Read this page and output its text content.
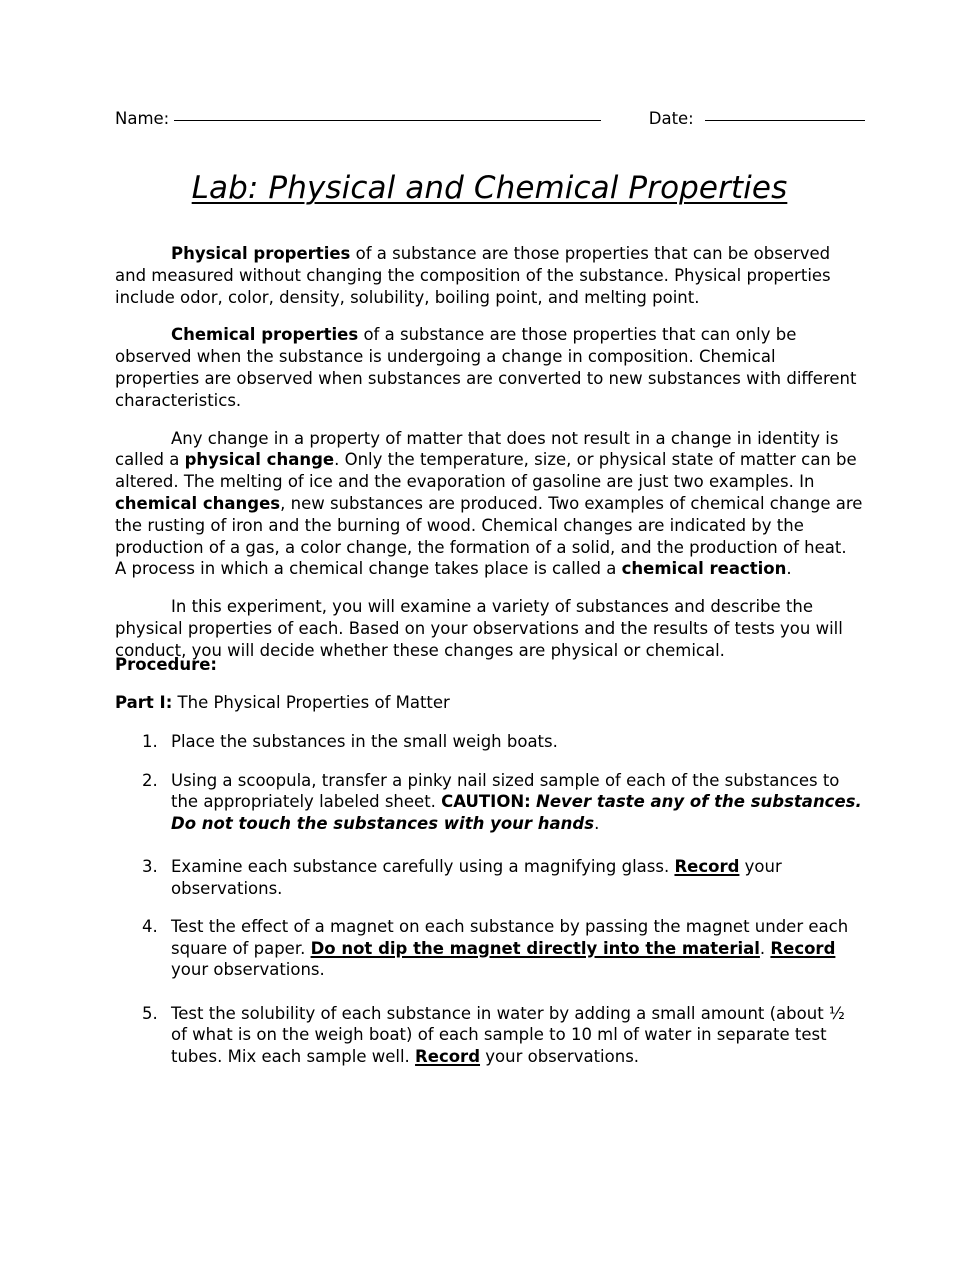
Name:	Date:
Lab: Physical and Chemical Properties

Physical properties of a substance are those properties that can be observed and measured without changing the composition of the substance. Physical properties include odor, color, density, solubility, boiling point, and melting point.

Chemical properties of a substance are those properties that can only be observed when the substance is undergoing a change in composition. Chemical properties are observed when substances are converted to new substances with different characteristics.

Any change in a property of matter that does not result in a change in identity is called a physical change. Only the temperature, size, or physical state of matter can be altered. The melting of ice and the evaporation of gasoline are just two examples. In chemical changes, new substances are produced. Two examples of chemical change are the rusting of iron and the burning of wood. Chemical changes are indicated by the production of a gas, a color change, the formation of a solid, and the production of heat. A process in which a chemical change takes place is called a chemical reaction.

In this experiment, you will examine a variety of substances and describe the physical properties of each. Based on your observations and the results of tests you will conduct, you will decide whether these changes are physical or chemical.

Procedure:
Part I: The Physical Properties of Matter
1. Place the substances in the small weigh boats.
2. Using a scoopula, transfer a pinky nail sized sample of each of the substances to the appropriately labeled sheet. CAUTION: Never taste any of the substances. Do not touch the substances with your hands.
3. Examine each substance carefully using a magnifying glass. Record your observations.
4. Test the effect of a magnet on each substance by passing the magnet under each square of paper. Do not dip the magnet directly into the material. Record your observations.
5. Test the solubility of each substance in water by adding a small amount (about ½ of what is on the weigh boat) of each sample to 10 ml of water in separate test tubes. Mix each sample well. Record your observations.
